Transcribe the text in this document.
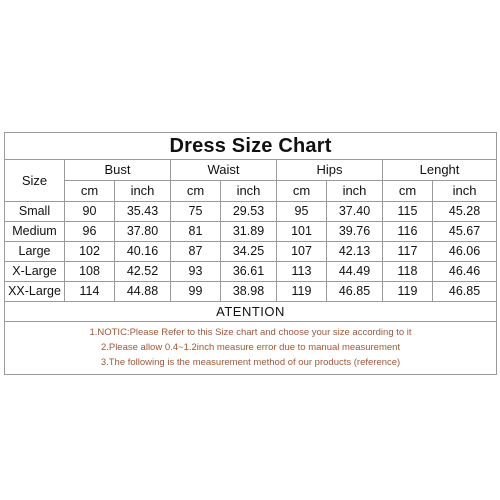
Dress Size Chart								
Size	Bust		Waist		Hips		Lenght	
	cm	inch	cm	inch	cm	inch	cm	inch
Small	90	35.43	75	29.53	95	37.40	115	45.28
Medium	96	37.80	81	31.89	101	39.76	116	45.67
Large	102	40.16	87	34.25	107	42.13	117	46.06
X-Large	108	42.52	93	36.61	113	44.49	118	46.46
XX-Large	114	44.88	99	38.98	119	46.85	119	46.85
ATENTION								

1.NOTIC:Please Refer to this Size chart and choose your size according to it
2.Please allow 0.4~1.2inch measure error due to manual measurement
3.The following is the measurement method of our products (reference)								
